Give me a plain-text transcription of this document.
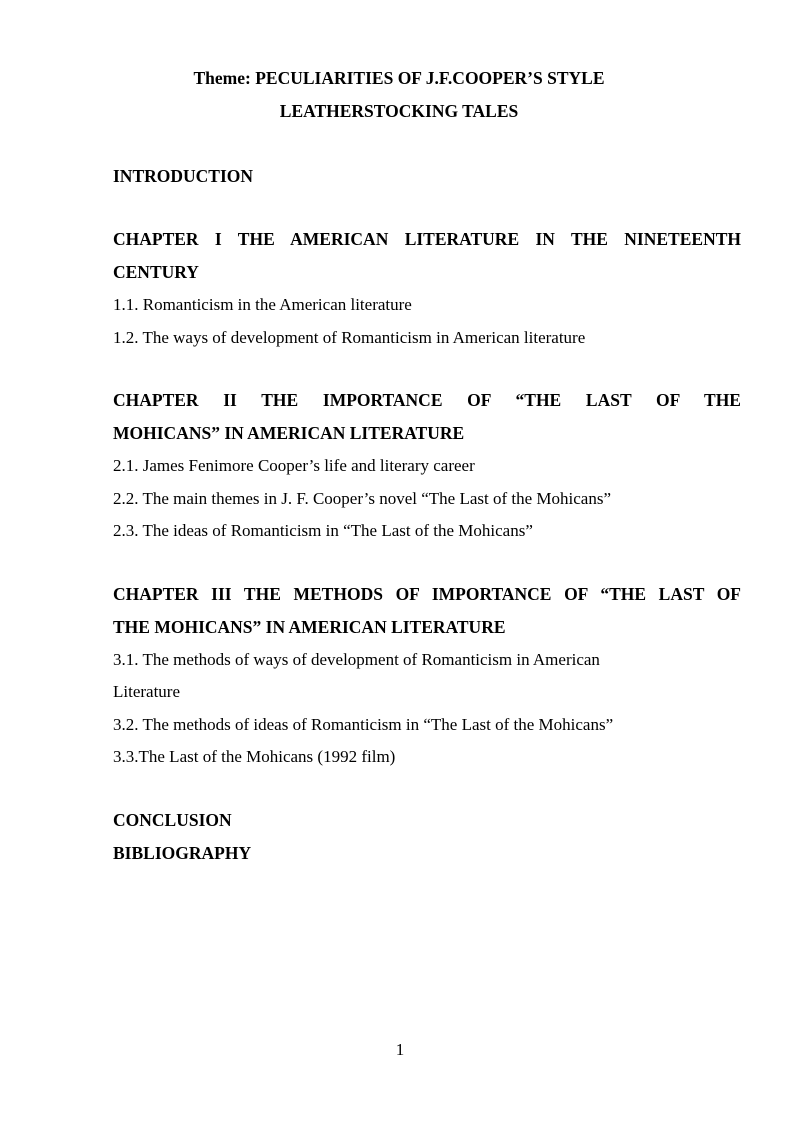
Theme: PECULIARITIES OF J.F.COOPER’S STYLE
LEATHERSTOCKING TALES
INTRODUCTION
CHAPTER I THE AMERICAN LITERATURE IN THE NINETEENTH
CENTURY
1.1. Romanticism in the American literature
1.2. The ways of development of Romanticism in American literature
CHAPTER II THE IMPORTANCE OF “THE LAST OF THE
MOHICANS” IN AMERICAN LITERATURE
2.1. James Fenimore Cooper’s life and literary career
2.2. The main themes in J. F. Cooper’s novel “The Last of the Mohicans”
2.3. The ideas of Romanticism in “The Last of the Mohicans”
CHAPTER III THE METHODS OF IMPORTANCE OF “THE LAST OF
THE MOHICANS” IN AMERICAN LITERATURE
3.1. The methods of ways of development of Romanticism in American
Literature
3.2. The methods of ideas of Romanticism in “The Last of the Mohicans”
3.3.The Last of the Mohicans (1992 film)
CONCLUSION
BIBLIOGRAPHY
1
